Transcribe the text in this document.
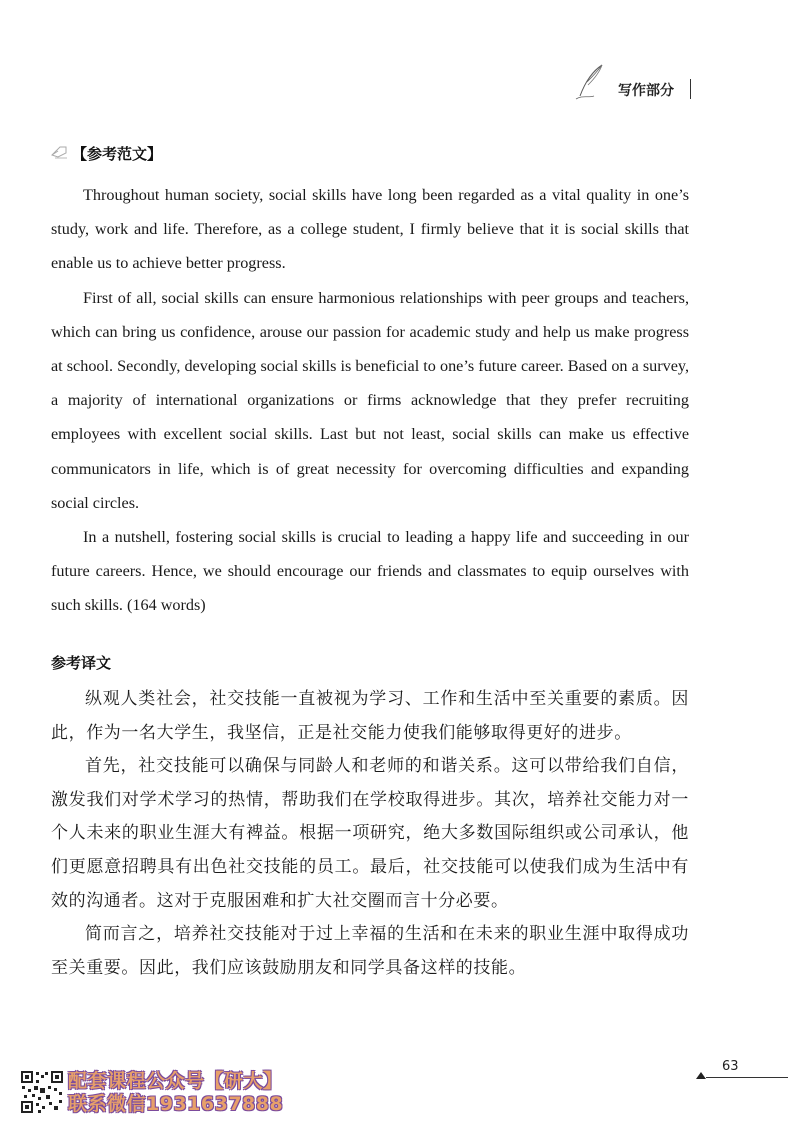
写作部分
【参考范文】

Throughout human society, social skills have long been regarded as a vital quality in one’s study, work and life. Therefore, as a college student, I firmly believe that it is social skills that enable us to achieve better progress.

First of all, social skills can ensure harmonious relationships with peer groups and teachers, which can bring us confidence, arouse our passion for academic study and help us make progress at school. Secondly, developing social skills is beneficial to one’s future career. Based on a survey, a majority of international organizations or firms acknowledge that they prefer recruiting employees with excellent social skills. Last but not least, social skills can make us effective communicators in life, which is of great necessity for overcoming difficulties and expanding social circles.

In a nutshell, fostering social skills is crucial to leading a happy life and succeeding in our future careers. Hence, we should encourage our friends and classmates to equip ourselves with such skills. (164 words)

参考译文

纵观人类社会，社交技能一直被视为学习、工作和生活中至关重要的素质。因此，作为一名大学生，我坚信，正是社交能力使我们能够取得更好的进步。

首先，社交技能可以确保与同龄人和老师的和谐关系。这可以带给我们自信，激发我们对学术学习的热情，帮助我们在学校取得进步。其次，培养社交能力对一个人未来的职业生涯大有裨益。根据一项研究，绝大多数国际组织或公司承认，他们更愿意招聘具有出色社交技能的员工。最后，社交技能可以使我们成为生活中有效的沟通者。这对于克服困难和扩大社交圈而言十分必要。

简而言之，培养社交技能对于过上幸福的生活和在未来的职业生涯中取得成功至关重要。因此，我们应该鼓励朋友和同学具备这样的技能。

63
配套课程公众号【研大】
联系微信1931637888
